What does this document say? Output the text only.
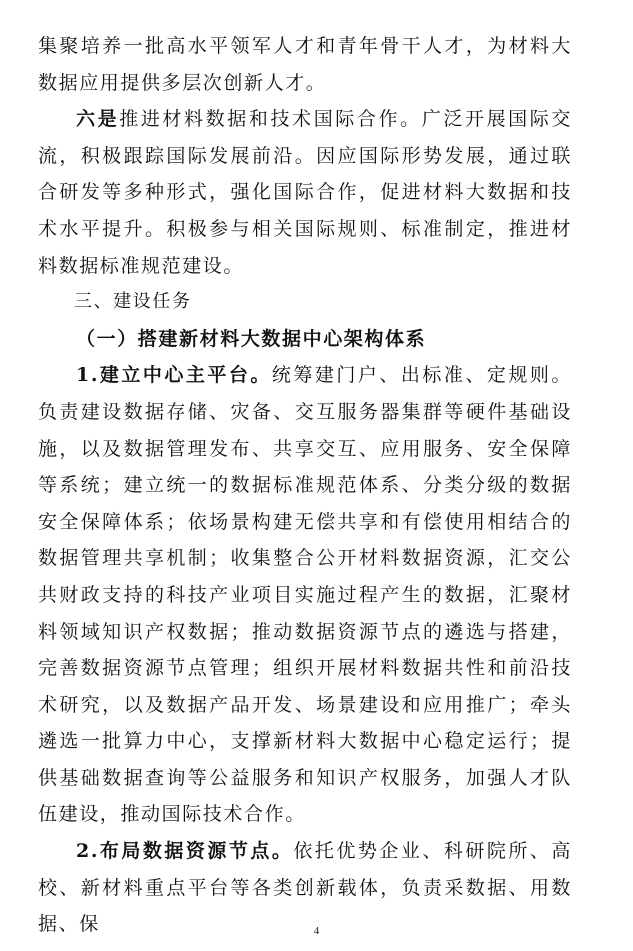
集聚培养一批高水平领军人才和青年骨干人才，为材料大数据应用提供多层次创新人才。

六是推进材料数据和技术国际合作。广泛开展国际交流，积极跟踪国际发展前沿。因应国际形势发展，通过联合研发等多种形式，强化国际合作，促进材料大数据和技术水平提升。积极参与相关国际规则、标准制定，推进材料数据标准规范建设。

三、建设任务

（一）搭建新材料大数据中心架构体系

1.建立中心主平台。统筹建门户、出标准、定规则。负责建设数据存储、灾备、交互服务器集群等硬件基础设施，以及数据管理发布、共享交互、应用服务、安全保障等系统；建立统一的数据标准规范体系、分类分级的数据安全保障体系；依场景构建无偿共享和有偿使用相结合的数据管理共享机制；收集整合公开材料数据资源，汇交公共财政支持的科技产业项目实施过程产生的数据，汇聚材料领域知识产权数据；推动数据资源节点的遴选与搭建，完善数据资源节点管理；组织开展材料数据共性和前沿技术研究，以及数据产品开发、场景建设和应用推广；牵头遴选一批算力中心，支撑新材料大数据中心稳定运行；提供基础数据查询等公益服务和知识产权服务，加强人才队伍建设，推动国际技术合作。

2.布局数据资源节点。依托优势企业、科研院所、高校、新材料重点平台等各类创新载体，负责采数据、用数据、保	4
